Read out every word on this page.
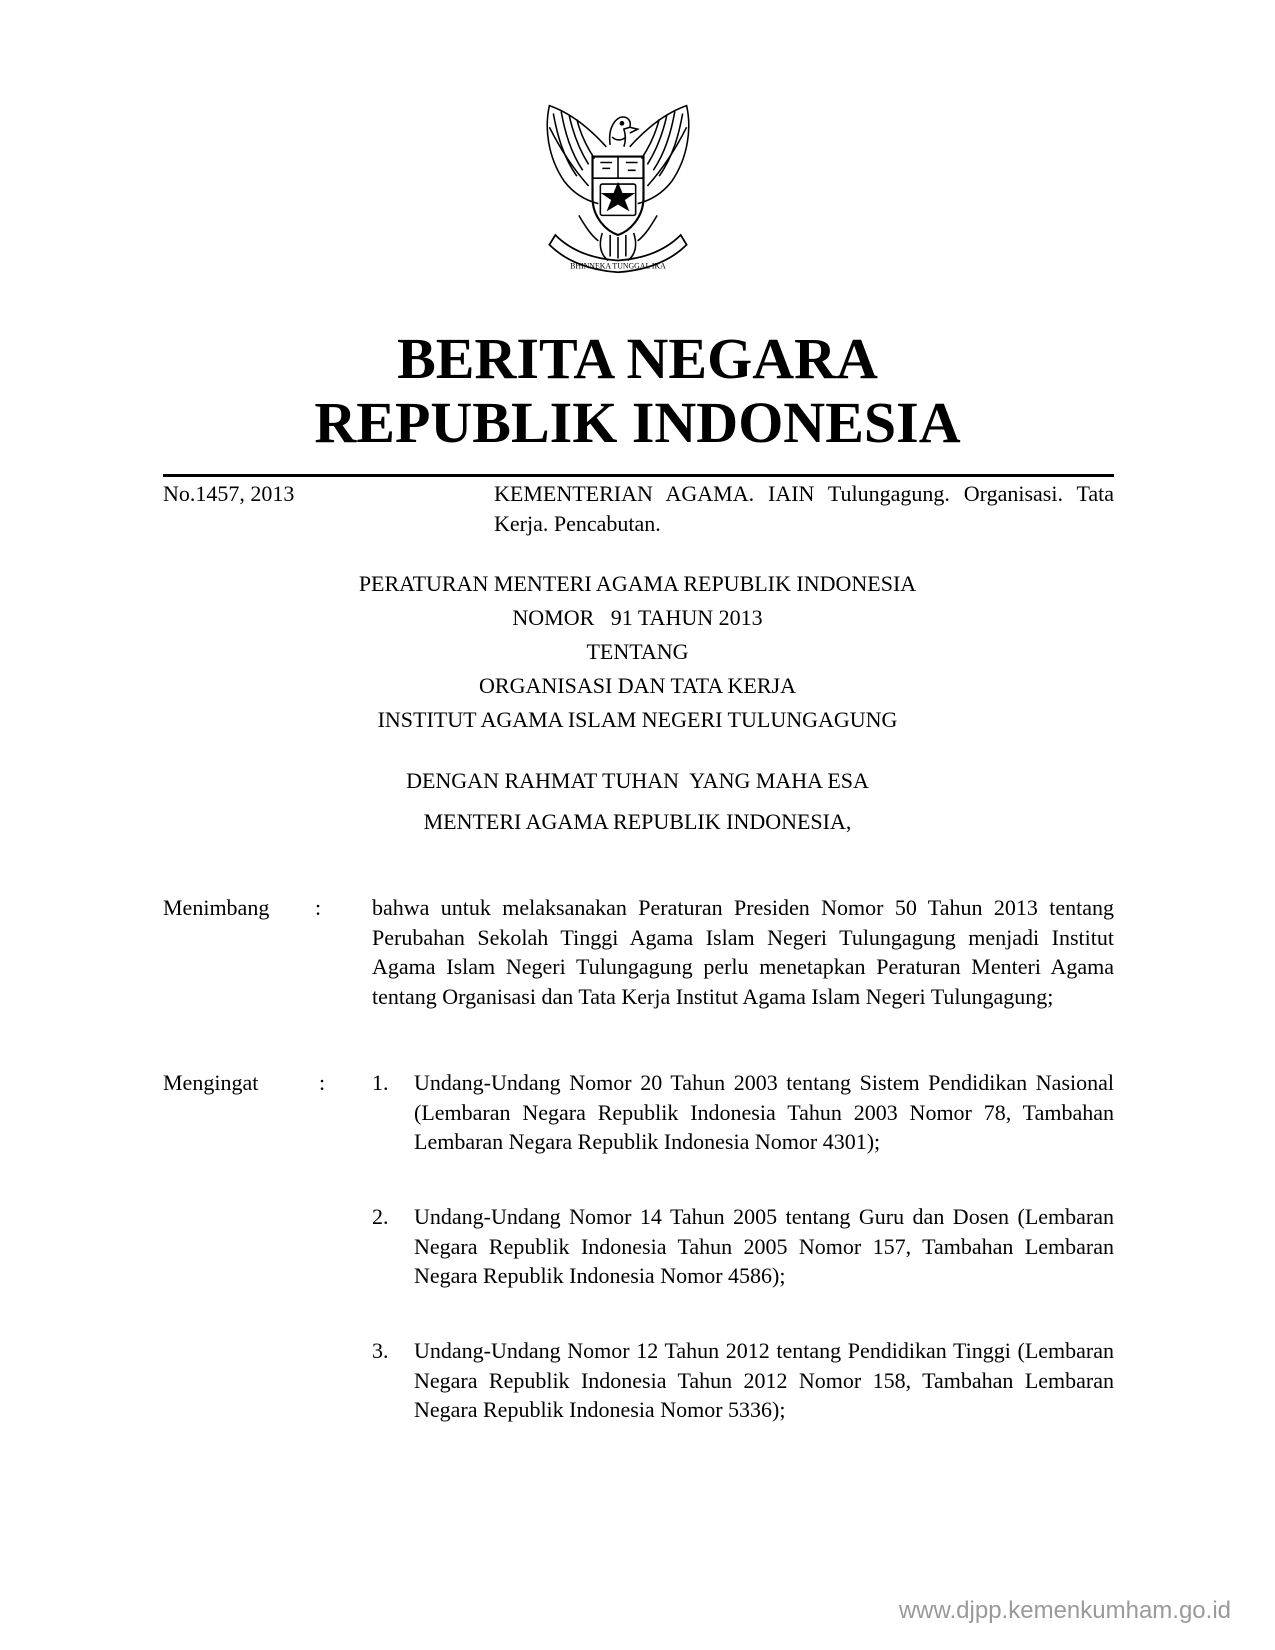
BHINNEKA TUNGGAL IKA
BERITA NEGARA
REPUBLIK INDONESIA
No.1457, 2013	KEMENTERIAN AGAMA. IAIN Tulungagung. Organisasi. Tata Kerja. Pencabutan.
PERATURAN MENTERI AGAMA REPUBLIK INDONESIA
NOMOR   91 TAHUN 2013
TENTANG
ORGANISASI DAN TATA KERJA
INSTITUT AGAMA ISLAM NEGERI TULUNGAGUNG
DENGAN RAHMAT TUHAN  YANG MAHA ESA
MENTERI AGAMA REPUBLIK INDONESIA,
Menimbang : bahwa untuk melaksanakan Peraturan Presiden Nomor 50 Tahun 2013 tentang Perubahan Sekolah Tinggi Agama Islam Negeri Tulungagung menjadi Institut Agama Islam Negeri Tulungagung perlu menetapkan Peraturan Menteri Agama tentang Organisasi dan Tata Kerja Institut Agama Islam Negeri Tulungagung;
Mengingat	: 1. Undang-Undang Nomor 20 Tahun 2003 tentang Sistem Pendidikan Nasional (Lembaran Negara Republik Indonesia Tahun 2003 Nomor 78, Tambahan Lembaran Negara Republik Indonesia Nomor 4301);
2. Undang-Undang Nomor 14 Tahun 2005 tentang Guru dan Dosen (Lembaran Negara Republik Indonesia Tahun 2005 Nomor 157, Tambahan Lembaran Negara Republik Indonesia Nomor 4586);
3. Undang-Undang Nomor 12 Tahun 2012 tentang Pendidikan Tinggi (Lembaran Negara Republik Indonesia Tahun 2012 Nomor 158, Tambahan Lembaran Negara Republik Indonesia Nomor 5336);
www.djpp.kemenkumham.go.id
